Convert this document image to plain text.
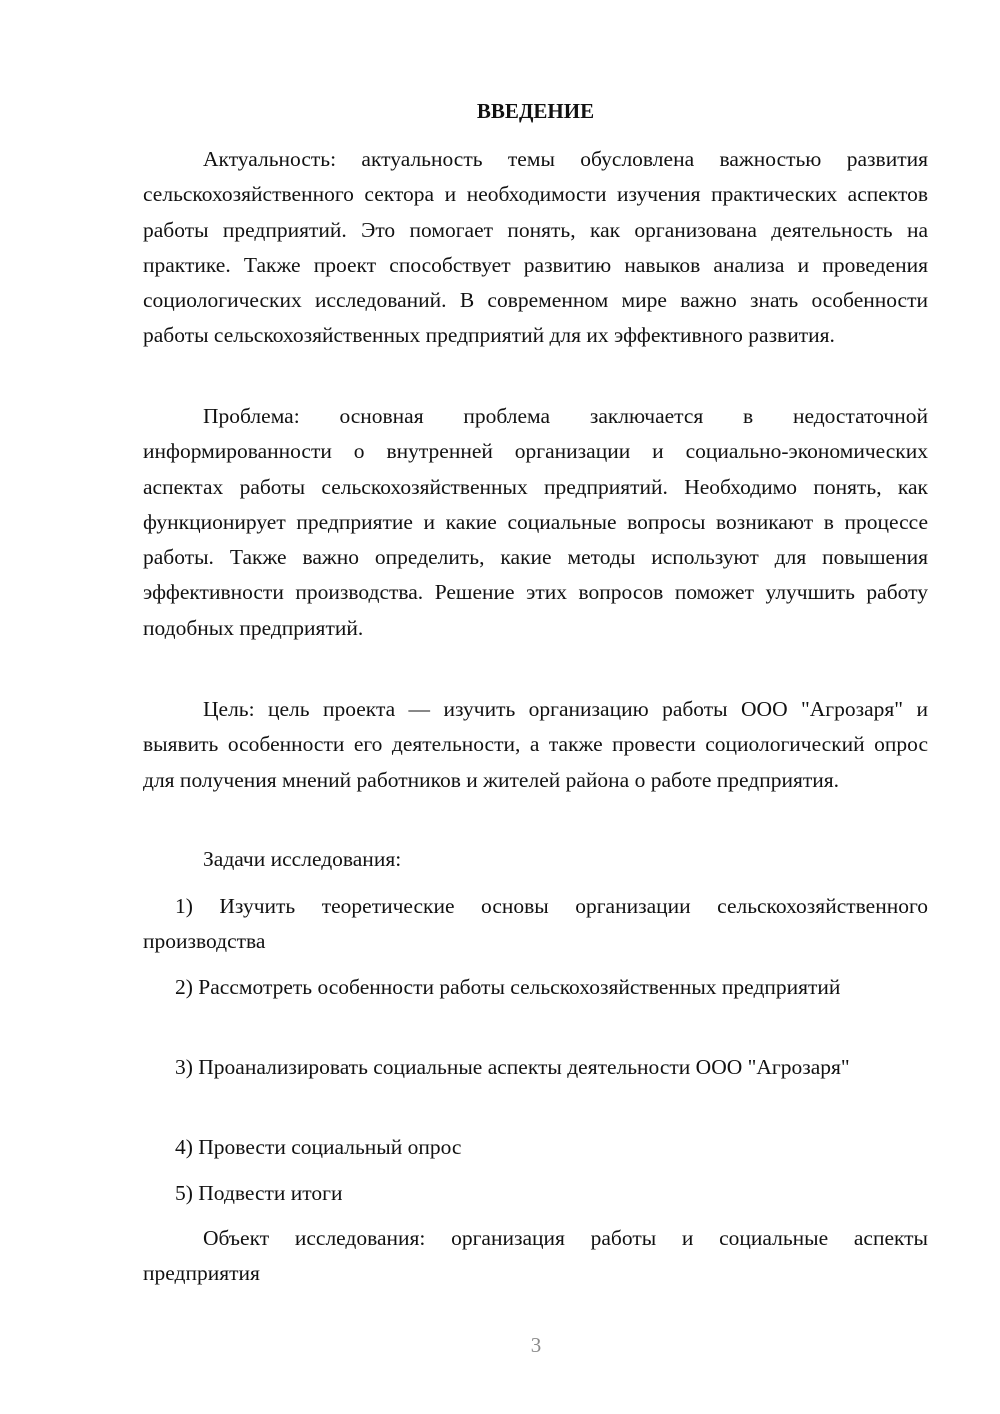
ВВЕДЕНИЕ

Актуальность: актуальность темы обусловлена важностью развития сельскохозяйственного сектора и необходимости изучения практических аспектов работы предприятий. Это помогает понять, как организована деятельность на практике. Также проект способствует развитию навыков анализа и проведения социологических исследований. В современном мире важно знать особенности работы сельскохозяйственных предприятий для их эффективного развития.

Проблема: основная проблема заключается в недостаточной информированности о внутренней организации и социально-экономических аспектах работы сельскохозяйственных предприятий. Необходимо понять, как функционирует предприятие и какие социальные вопросы возникают в процессе работы. Также важно определить, какие методы используют для повышения эффективности производства. Решение этих вопросов поможет улучшить работу подобных предприятий.

Цель: цель проекта — изучить организацию работы ООО "Агрозаря" и выявить особенности его деятельности, а также провести социологический опрос для получения мнений работников и жителей района о работе предприятия.

Задачи исследования:

1) Изучить теоретические основы организации сельскохозяйственного производства

2) Рассмотреть особенности работы сельскохозяйственных предприятий

3) Проанализировать социальные аспекты деятельности ООО "Агрозаря"

4) Провести социальный опрос

5) Подвести итоги

Объект исследования: организация работы и социальные аспекты предприятия

3
